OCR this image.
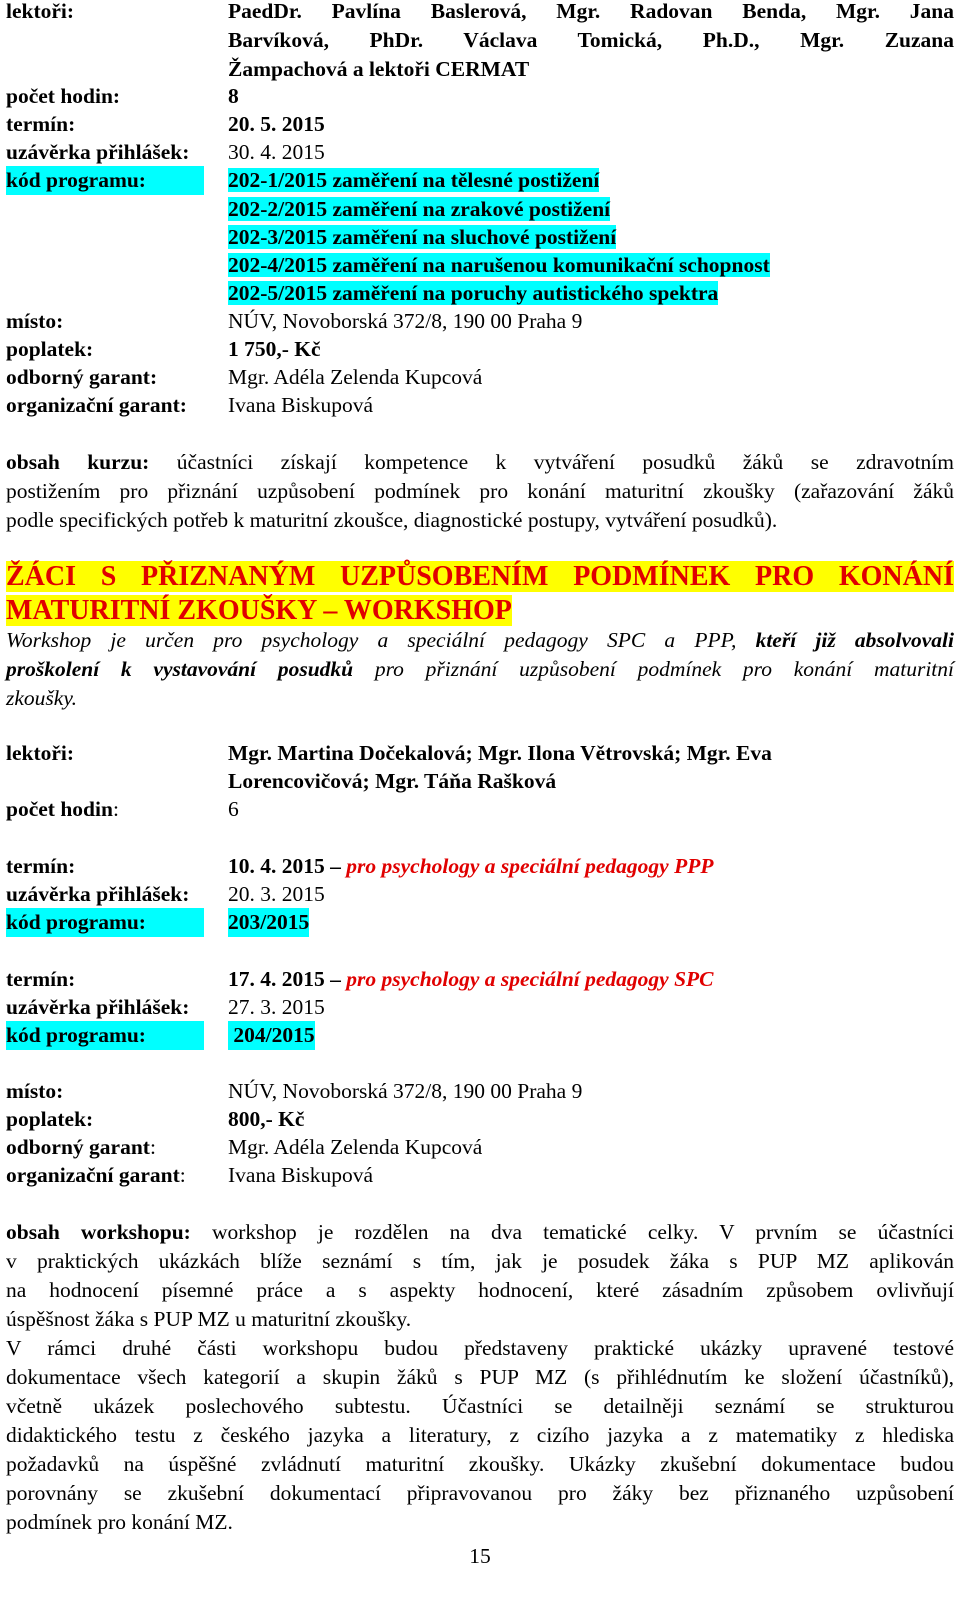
lektoři:	PaedDr. Pavlína Baslerová, Mgr. Radovan Benda, Mgr. Jana
Barvíková, PhDr. Václava Tomická, Ph.D., Mgr. Zuzana
Žampachová a lektoři CERMAT
počet hodin:	8
termín:	20. 5. 2015
uzávěrka přihlášek: 30. 4. 2015
kód programu:	202-1/2015 zaměření na tělesné postižení
202-2/2015 zaměření na zrakové postižení
202-3/2015 zaměření na sluchové postižení
202-4/2015 zaměření na narušenou komunikační schopnost
202-5/2015 zaměření na poruchy autistického spektra
místo:	NÚV, Novoborská 372/8, 190 00 Praha 9
poplatek:	1 750,- Kč
odborný garant:	Mgr. Adéla Zelenda Kupcová
organizační garant: Ivana Biskupová
obsah kurzu: účastníci získají kompetence k vytváření posudků žáků se zdravotním
postižením pro přiznání uzpůsobení podmínek pro konání maturitní zkoušky (zařazování žáků
podle specifických potřeb k maturitní zkoušce, diagnostické postupy, vytváření posudků).
ŽÁCI S PŘIZNANÝM UZPŮSOBENÍM PODMÍNEK PRO KONÁNÍ
MATURITNÍ ZKOUŠKY – WORKSHOP
Workshop je určen pro psychology a speciální pedagogy SPC a PPP, kteří již absolvovali
proškolení k vystavování posudků pro přiznání uzpůsobení podmínek pro konání maturitní
zkoušky.
lektoři:	Mgr. Martina Dočekalová; Mgr. Ilona Větrovská; Mgr. Eva
Lorencovičová; Mgr. Táňa Rašková
počet hodin:	6
termín:	10. 4. 2015 – pro psychology a speciální pedagogy PPP
uzávěrka přihlášek: 20. 3. 2015
kód programu:	203/2015
termín:	17. 4. 2015 – pro psychology a speciální pedagogy SPC
uzávěrka přihlášek: 27. 3. 2015
kód programu:	204/2015
místo:	NÚV, Novoborská 372/8, 190 00 Praha 9
poplatek:	800,- Kč
odborný garant:	Mgr. Adéla Zelenda Kupcová
organizační garant: Ivana Biskupová
obsah workshopu: workshop je rozdělen na dva tematické celky. V prvním se účastníci
v praktických ukázkách blíže seznámí s tím, jak je posudek žáka s PUP MZ aplikován
na hodnocení písemné práce a s aspekty hodnocení, které zásadním způsobem ovlivňují
úspěšnost žáka s PUP MZ u maturitní zkoušky.
V rámci druhé části workshopu budou představeny praktické ukázky upravené testové
dokumentace všech kategorií a skupin žáků s PUP MZ (s přihlédnutím ke složení účastníků),
včetně ukázek poslechového subtestu. Účastníci se detailněji seznámí se strukturou
didaktického testu z českého jazyka a literatury, z cizího jazyka a z matematiky z hlediska
požadavků na úspěšné zvládnutí maturitní zkoušky. Ukázky zkušební dokumentace budou
porovnány se zkušební dokumentací připravovanou pro žáky bez přiznaného uzpůsobení
podmínek pro konání MZ.
15
